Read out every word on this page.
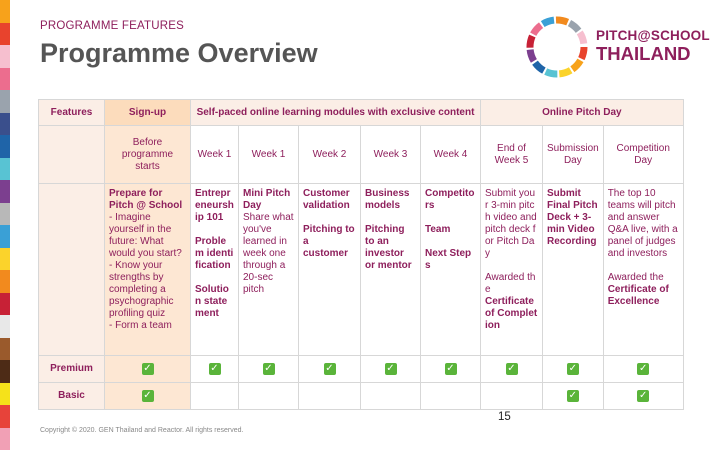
PROGRAMME FEATURES
Programme Overview
PITCH@SCHOOL
THAILAND
Features	Sign-up	Self-paced online learning modules with exclusive content					Online Pitch Day		
	Before programme starts	Week 1	Week 1	Week 2	Week 3	Week 4	End of Week 5	Submission Day	Competition Day

	Prepare for Pitch @ School
- Imagine yourself in the future: What would you start?
- Know your strengths by completing a psychographic profiling quiz
- Form a team	Entrepreneurship 101
Problem identification
Solution statement	Mini Pitch Day
Share what you've learned in week one through a 20-sec pitch	Customer validation
Pitching to a customer	Business models
Pitching to an investor or mentor	Competitors
Team
Next Steps	Submit your 3-min pitch video and pitch deck for Pitch Day
Awarded the
Certificate of Completion	Submit Final Pitch Deck + 3-min Video Recording	The top 10 teams will pitch and answer Q&A live, with a panel of judges and investors
Awarded the
Certificate of Excellence

Premium	✓	✓	✓	✓	✓	✓	✓	✓	✓
Basic	✓							✓	✓
15
Copyright © 2020. GEN Thailand and Reactor. All rights reserved.
